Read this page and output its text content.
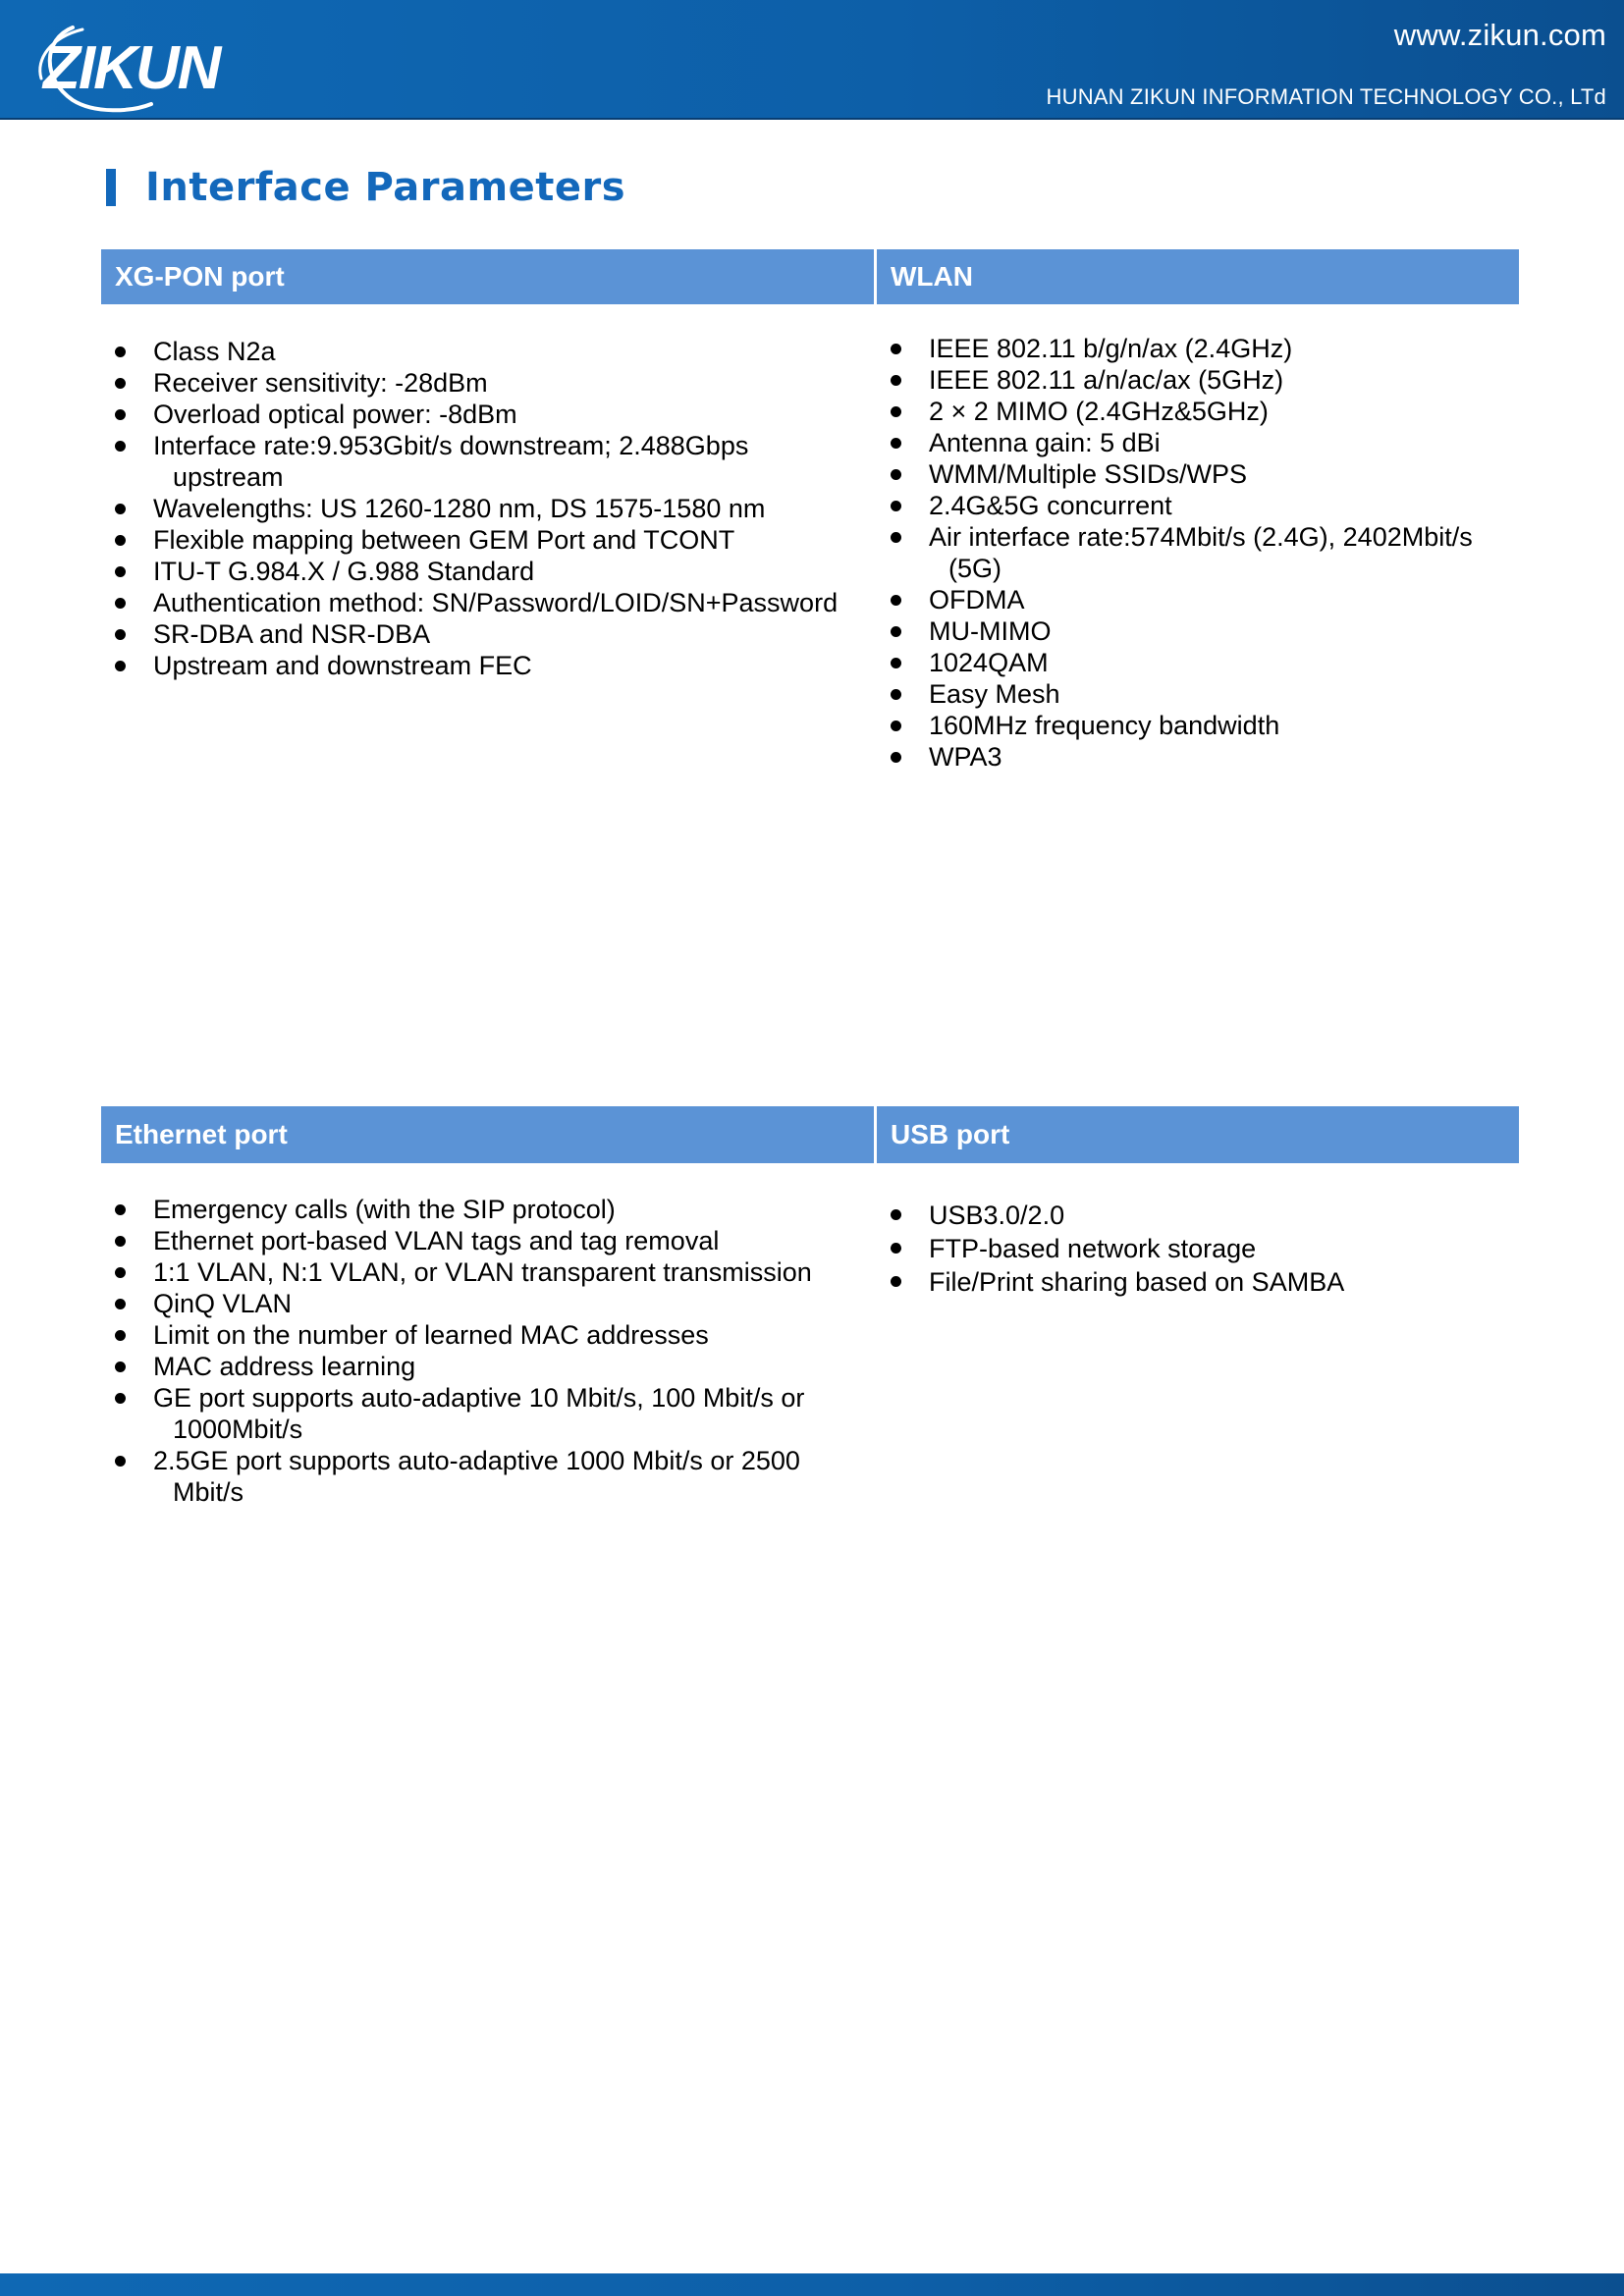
ZIKUN	www.zikun.com
HUNAN ZIKUN INFORMATION TECHNOLOGY CO., LTd
Interface Parameters
XG-PON port	WLAN
Ethernet port	USB port
Class N2a
Receiver sensitivity: -28dBm
Overload optical power: -8dBm
Interface rate:9.953Gbit/s downstream; 2.488Gbps
upstream
Wavelengths: US 1260-1280 nm, DS 1575-1580 nm
Flexible mapping between GEM Port and TCONT
ITU-T G.984.X / G.988 Standard
Authentication method: SN/Password/LOID/SN+Password
SR-DBA and NSR-DBA
Upstream and downstream FEC
IEEE 802.11 b/g/n/ax (2.4GHz)
IEEE 802.11 a/n/ac/ax (5GHz)
2 × 2 MIMO (2.4GHz&5GHz)
Antenna gain: 5 dBi
WMM/Multiple SSIDs/WPS
2.4G&5G concurrent
Air interface rate:574Mbit/s (2.4G), 2402Mbit/s
(5G)
OFDMA
MU-MIMO
1024QAM
Easy Mesh
160MHz frequency bandwidth
WPA3
Emergency calls (with the SIP protocol)
Ethernet port-based VLAN tags and tag removal
1:1 VLAN, N:1 VLAN, or VLAN transparent transmission
QinQ VLAN
Limit on the number of learned MAC addresses
MAC address learning
GE port supports auto-adaptive 10 Mbit/s, 100 Mbit/s or
1000Mbit/s
2.5GE port supports auto-adaptive 1000 Mbit/s or 2500
Mbit/s
USB3.0/2.0
FTP-based network storage
File/Print sharing based on SAMBA
